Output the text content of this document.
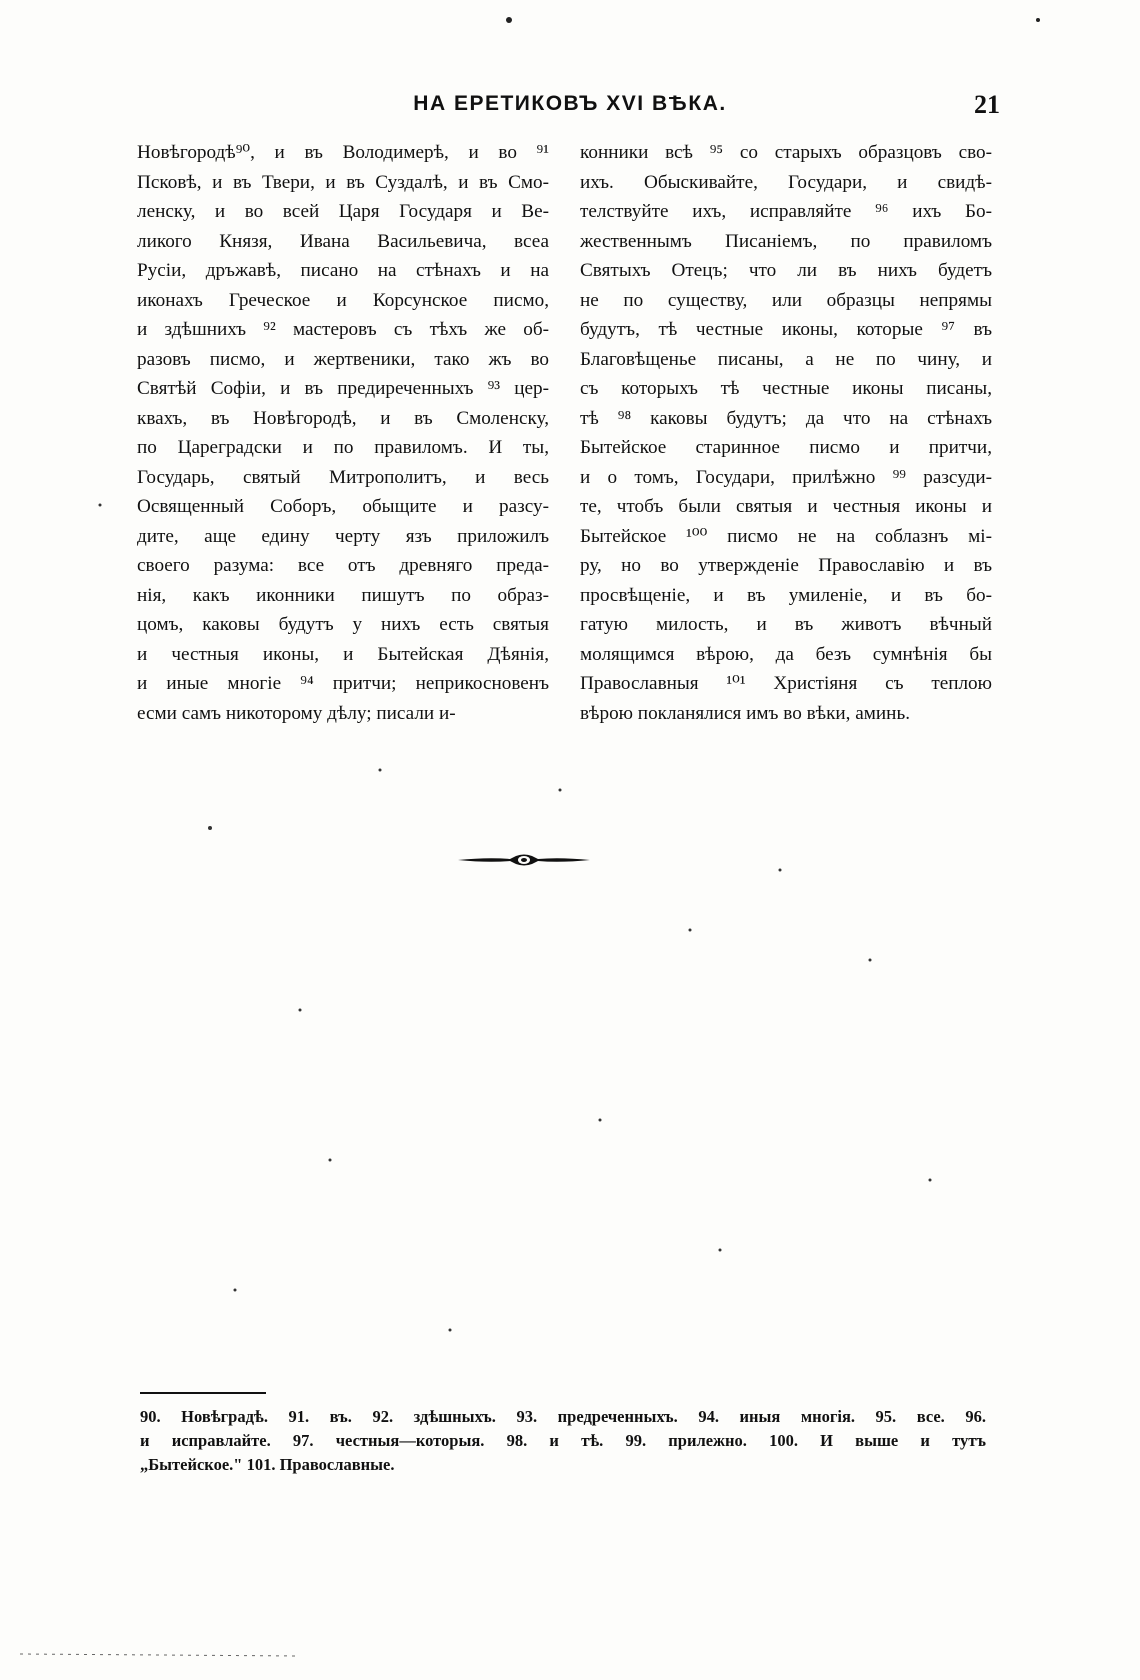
НА ЕРЕТИКОВЪ XVI ВѢКА.	21
Новѣгородѣ⁹⁰, и въ Володимерѣ, и во ⁹¹
Псковѣ, и въ Твери, и въ Суздалѣ, и въ Смо-
ленску, и во всей Царя Государя и Ве-
ликого Князя, Ивана Васильевича, всеа
Русіи, дръжавѣ, писано на стѣнахъ и на
иконахъ Греческое и Корсунское писмо,
и здѣшнихъ ⁹² мастеровъ съ тѣхъ же об-
разовъ писмо, и жертвеники, тако жъ во
Святѣй Софіи, и въ предиреченныхъ ⁹³ цер-
квахъ, въ Новѣгородѣ, и въ Смоленску,
по Цареградски и по правиломъ. И ты,
Государь, святый Митрополитъ, и весь
Освященный Соборъ, обыщите и разсу-
дите, аще едину черту язъ приложилъ
своего разума: все отъ древняго преда-
нія, какъ иконники пишутъ по образ-
цомъ, каковы будутъ у нихъ есть святыя
и честныя иконы, и Бытейская Дѣянія,
и иные многіе ⁹⁴ притчи; неприкосновенъ
есми самъ никоторому дѣлу; писали и-
конники всѣ ⁹⁵ со старыхъ образцовъ сво-
ихъ. Обыскивайте, Государи, и свидѣ-
телствуйте ихъ, исправляйте ⁹⁶ ихъ Бо-
жественнымъ Писаніемъ, по правиломъ
Святыхъ Отецъ; что ли въ нихъ будетъ
не по существу, или образцы непрямы
будутъ, тѣ честные иконы, которые ⁹⁷ въ
Благовѣщенье писаны, а не по чину, и
съ которыхъ тѣ честные иконы писаны,
тѣ ⁹⁸ каковы будутъ; да что на стѣнахъ
Бытейское старинное писмо и притчи,
и о томъ, Государи, прилѣжно ⁹⁹ разсуди-
те, чтобъ были святыя и честныя иконы и
Бытейское ¹⁰⁰ писмо не на соблазнъ мі-
ру, но во утвержденіе Православію и въ
просвѣщеніе, и въ умиленіе, и въ бо-
гатую милость, и въ животъ вѣчный
молящимся вѣрою, да безъ сумнѣнія бы
Православныя ¹⁰¹ Христіяня съ теплою
вѣрою покланялися имъ во вѣки, аминь.
90. Новѣградѣ. 91. въ. 92. здѣшныхъ. 93. предреченныхъ. 94. иныя многія. 95. все. 96.
и исправлайте. 97. честныя—которыя. 98. и тѣ. 99. прилежно. 100. И выше и тутъ
„Бытейское." 101. Православные.
